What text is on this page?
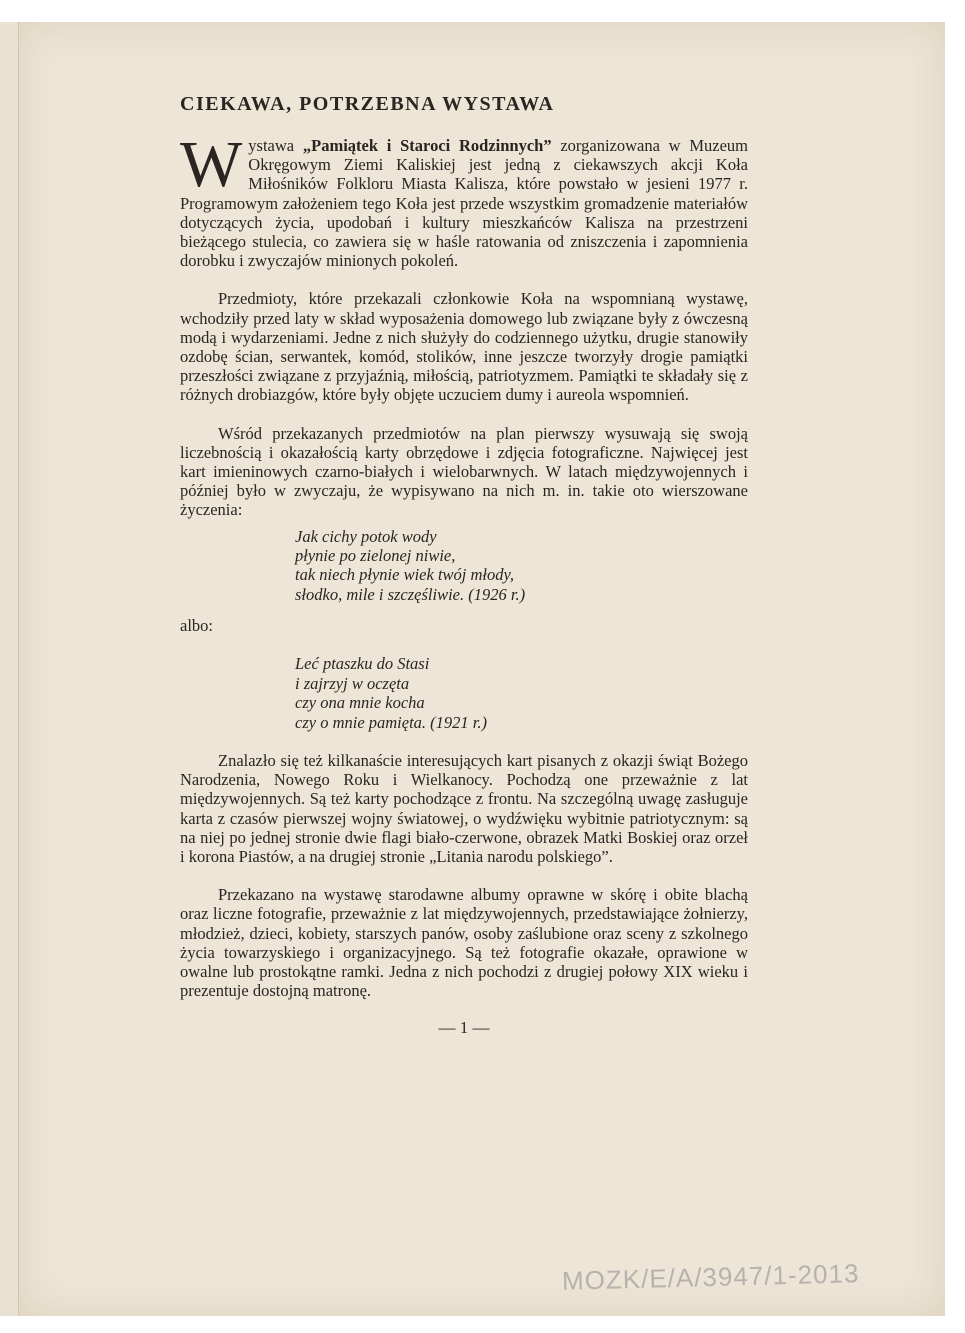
CIEKAWA, POTRZEBNA WYSTAWA
W ystawa „Pamiątek i Staroci Rodzinnych” zorganizowana w Muzeum Okręgowym Ziemi Kaliskiej jest jedną z ciekawszych akcji Koła Miłośników Folkloru Miasta Kalisza, które powstało w jesieni 1977 r. Programowym założeniem tego Koła jest przede wszystkim gromadzenie materiałów dotyczących życia, upodobań i kultury mieszkańców Kalisza na przestrzeni bieżącego stulecia, co zawiera się w haśle ratowania od zniszczenia i zapomnienia dorobku i zwyczajów minionych pokoleń.

Przedmioty, które przekazali członkowie Koła na wspomnianą wystawę, wchodziły przed laty w skład wyposażenia domowego lub związane były z ówczesną modą i wydarzeniami. Jedne z nich służyły do codziennego użytku, drugie stanowiły ozdobę ścian, serwantek, komód, stolików, inne jeszcze tworzyły drogie pamiątki przeszłości związane z przyjaźnią, miłością, patriotyzmem. Pamiątki te składały się z różnych drobiazgów, które były objęte uczuciem dumy i aureola wspomnień.

Wśród przekazanych przedmiotów na plan pierwszy wysuwają się swoją liczebnością i okazałością karty obrzędowe i zdjęcia fotograficzne. Najwięcej jest kart imieninowych czarno-białych i wielobarwnych. W latach międzywojennych i później było w zwyczaju, że wypisywano na nich m. in. takie oto wierszowane życzenia:

Jak cichy potok wody
płynie po zielonej niwie,
tak niech płynie wiek twój młody,
słodko, mile i szczęśliwie. (1926 r.)
albo:
Leć ptaszku do Stasi
i zajrzyj w oczęta
czy ona mnie kocha
czy o mnie pamięta. (1921 r.)

Znalazło się też kilkanaście interesujących kart pisanych z okazji świąt Bożego Narodzenia, Nowego Roku i Wielkanocy. Pochodzą one przeważnie z lat międzywojennych. Są też karty pochodzące z frontu. Na szczególną uwagę zasługuje karta z czasów pierwszej wojny światowej, o wydźwięku wybitnie patriotycznym: są na niej po jednej stronie dwie flagi biało-czerwone, obrazek Matki Boskiej oraz orzeł i korona Piastów, a na drugiej stronie „Litania narodu polskiego”.

Przekazano na wystawę starodawne albumy oprawne w skórę i obite blachą oraz liczne fotografie, przeważnie z lat międzywojennych, przedstawiające żołnierzy, młodzież, dzieci, kobiety, starszych panów, osoby zaślubione oraz sceny z szkolnego życia towarzyskiego i organizacyjnego. Są też fotografie okazałe, oprawione w owalne lub prostokątne ramki. Jedna z nich pochodzi z drugiej połowy XIX wieku i prezentuje dostojną matronę.

— 1 —
MOZK/E/A/3947/1-2013
